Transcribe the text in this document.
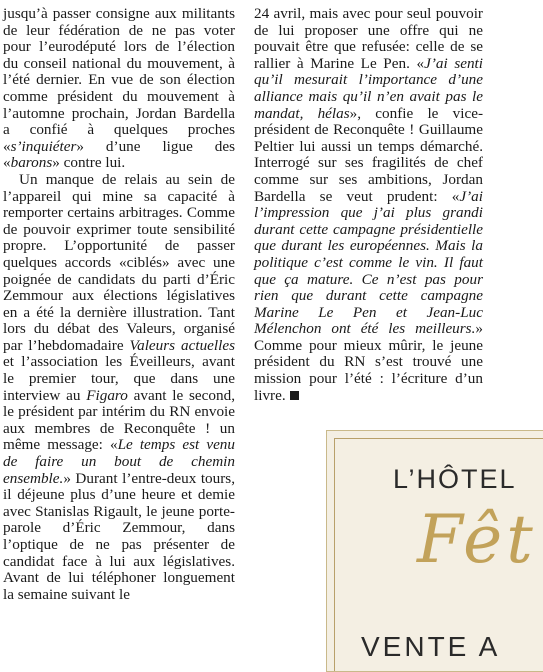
jusqu’à passer consigne aux militants de leur fédération de ne pas voter pour l’eurodéputé lors de l’élection du conseil national du mouvement, à l’été dernier. En vue de son élection comme président du mouvement à l’automne prochain, Jordan Bardella a confié à quelques proches «s’inquiéter» d’une ligue des «barons» contre lui.

Un manque de relais au sein de l’appareil qui mine sa capacité à remporter certains arbitrages. Comme de pouvoir exprimer toute sensibilité propre. L’opportunité de passer quelques accords «ciblés» avec une poignée de candidats du parti d’Éric Zemmour aux élections législatives en a été la dernière illustration. Tant lors du débat des Valeurs, organisé par l’hebdomadaire Valeurs actuelles et l’association les Éveilleurs, avant le premier tour, que dans une interview au Figaro avant le second, le président par intérim du RN envoie aux membres de Reconquête ! un même message: «Le temps est venu de faire un bout de chemin ensemble.» Durant l’entre-deux tours, il déjeune plus d’une heure et demie avec Stanislas Rigault, le jeune porte-parole d’Éric Zemmour, dans l’optique de ne pas présenter de candidat face à lui aux législatives. Avant de lui téléphoner longuement la semaine suivant le

24 avril, mais avec pour seul pouvoir de lui proposer une offre qui ne pouvait être que refusée: celle de se rallier à Marine Le Pen. «J’ai senti qu’il mesurait l’importance d’une alliance mais qu’il n’en avait pas le mandat, hélas», confie le vice-président de Reconquête ! Guillaume Peltier lui aussi un temps démarché. Interrogé sur ses fragilités de chef comme sur ses ambitions, Jordan Bardella se veut prudent: «J’ai l’impression que j’ai plus grandi durant cette campagne présidentielle que durant les européennes. Mais la politique c’est comme le vin. Il faut que ça mature. Ce n’est pas pour rien que durant cette campagne Marine Le Pen et Jean-Luc Mélenchon ont été les meilleurs.» Comme pour mieux mûrir, le jeune président du RN s’est trouvé une mission pour l’été : l’écriture d’un livre.

L’HÔTEL
Fêt
VENTE A
